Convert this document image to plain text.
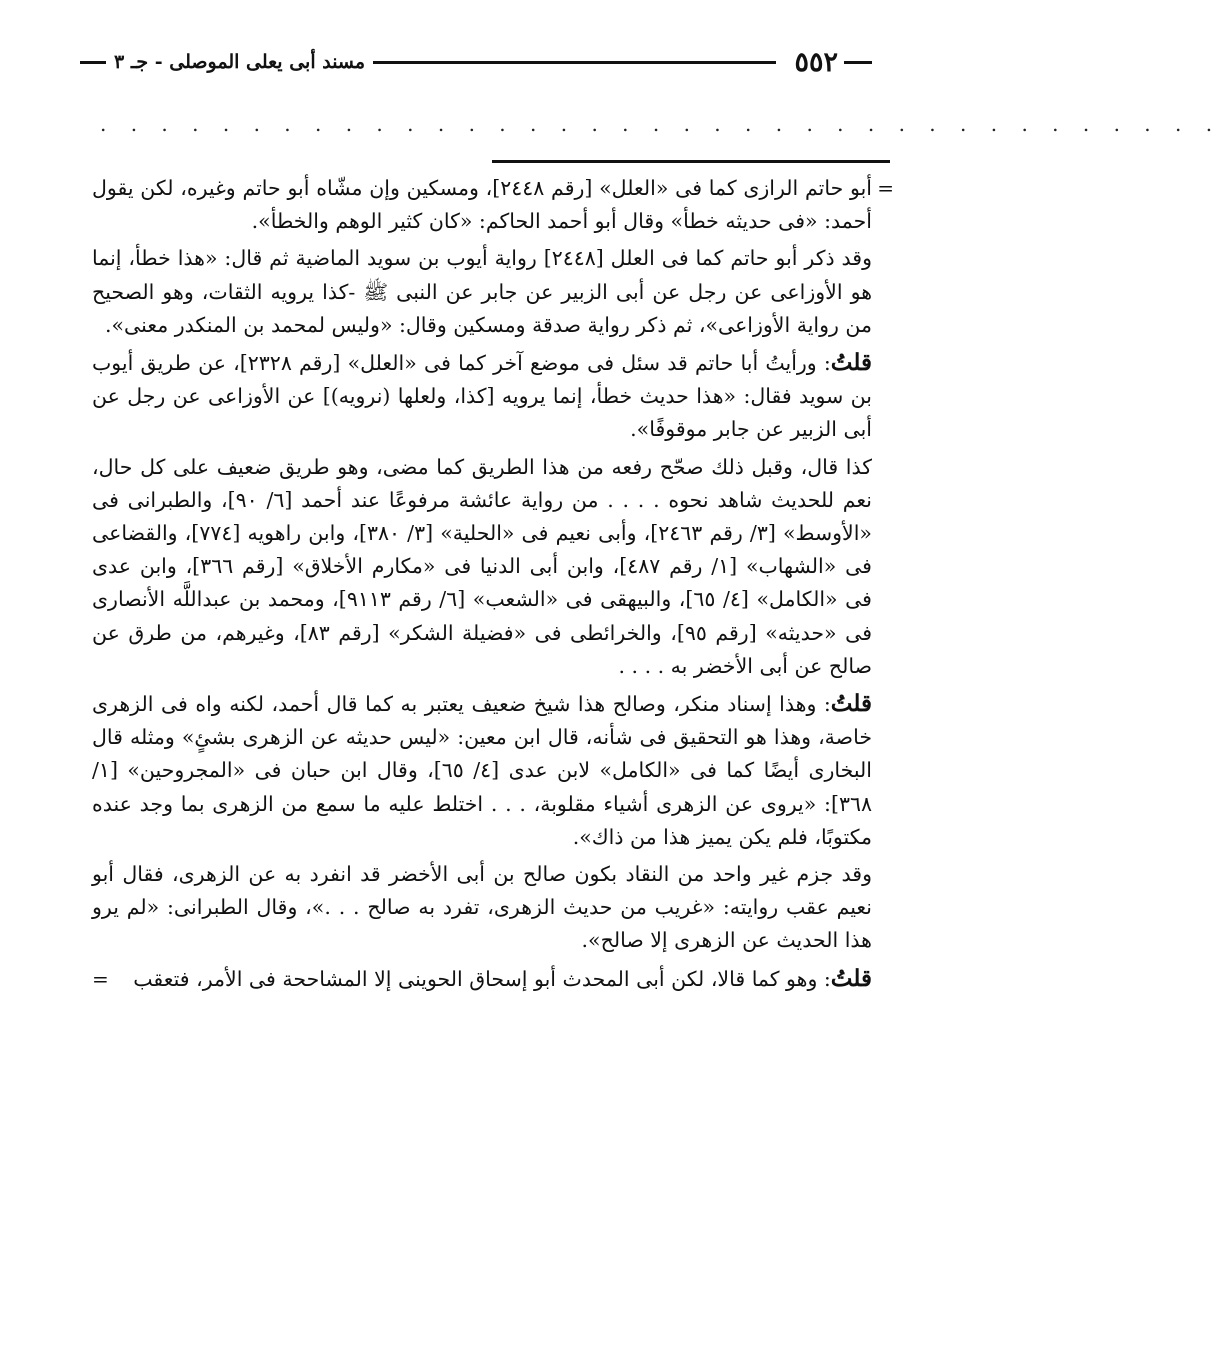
٥٥٢
مسند أبى يعلى الموصلى - جـ ٣
. . . . . . . . . . . . . . . . . . . . . . . . . . . . . . . . . . . . .

=
أبو حاتم الرازى كما فى «العلل» [رقم ٢٤٤٨]، ومسكين وإن مشّاه أبو حاتم وغيره، لكن يقول أحمد: «فى حديثه خطأ» وقال أبو أحمد الحاكم: «كان كثير الوهم والخطأ».

وقد ذكر أبو حاتم كما فى العلل [٢٤٤٨] رواية أيوب بن سويد الماضية ثم قال: «هذا خطأ، إنما هو الأوزاعى عن رجل عن أبى الزبير عن جابر عن النبى ﷺ -كذا يرويه الثقات، وهو الصحيح من رواية الأوزاعى»، ثم ذكر رواية صدقة ومسكين وقال: «وليس لمحمد بن المنكدر معنى».

قلتُ: ورأيتُ أبا حاتم قد سئل فى موضع آخر كما فى «العلل» [رقم ٢٣٢٨]، عن طريق أيوب بن سويد فقال: «هذا حديث خطأ، إنما يرويه [كذا، ولعلها (نرويه)] عن الأوزاعى عن رجل عن أبى الزبير عن جابر موقوفًا».

كذا قال، وقبل ذلك صحّح رفعه من هذا الطريق كما مضى، وهو طريق ضعيف على كل حال، نعم للحديث شاهد نحوه . . . . من رواية عائشة مرفوعًا عند أحمد [٦/ ٩٠]، والطبرانى فى «الأوسط» [٣/ رقم ٢٤٦٣]، وأبى نعيم فى «الحلية» [٣/ ٣٨٠]، وابن راهويه [٧٧٤]، والقضاعى فى «الشهاب» [١/ رقم ٤٨٧]، وابن أبى الدنيا فى «مكارم الأخلاق» [رقم ٣٦٦]، وابن عدى فى «الكامل» [٤/ ٦٥]، والبيهقى فى «الشعب» [٦/ رقم ٩١١٣]، ومحمد بن عبداللَّه الأنصارى فى «حديثه» [رقم ٩٥]، والخرائطى فى «فضيلة الشكر» [رقم ٨٣]، وغيرهم، من طرق عن صالح عن أبى الأخضر به . . . .

قلتُ: وهذا إسناد منكر، وصالح هذا شيخ ضعيف يعتبر به كما قال أحمد، لكنه واه فى الزهرى خاصة، وهذا هو التحقيق فى شأنه، قال ابن معين: «ليس حديثه عن الزهرى بشئٍ» ومثله قال البخارى أيضًا كما فى «الكامل» لابن عدى [٤/ ٦٥]، وقال ابن حبان فى «المجروحين» [١/ ٣٦٨]: «يروى عن الزهرى أشياء مقلوبة، . . . اختلط عليه ما سمع من الزهرى بما وجد عنده مكتوبًا، فلم يكن يميز هذا من ذاك».

وقد جزم غير واحد من النقاد بكون صالح بن أبى الأخضر قد انفرد به عن الزهرى، فقال أبو نعيم عقب روايته: «غريب من حديث الزهرى، تفرد به صالح . . .»، وقال الطبرانى: «لم يرو هذا الحديث عن الزهرى إلا صالح».

قلتُ: وهو كما قالا، لكن أبى المحدث أبو إسحاق الحوينى إلا المشاححة فى الأمر، فتعقب
=
